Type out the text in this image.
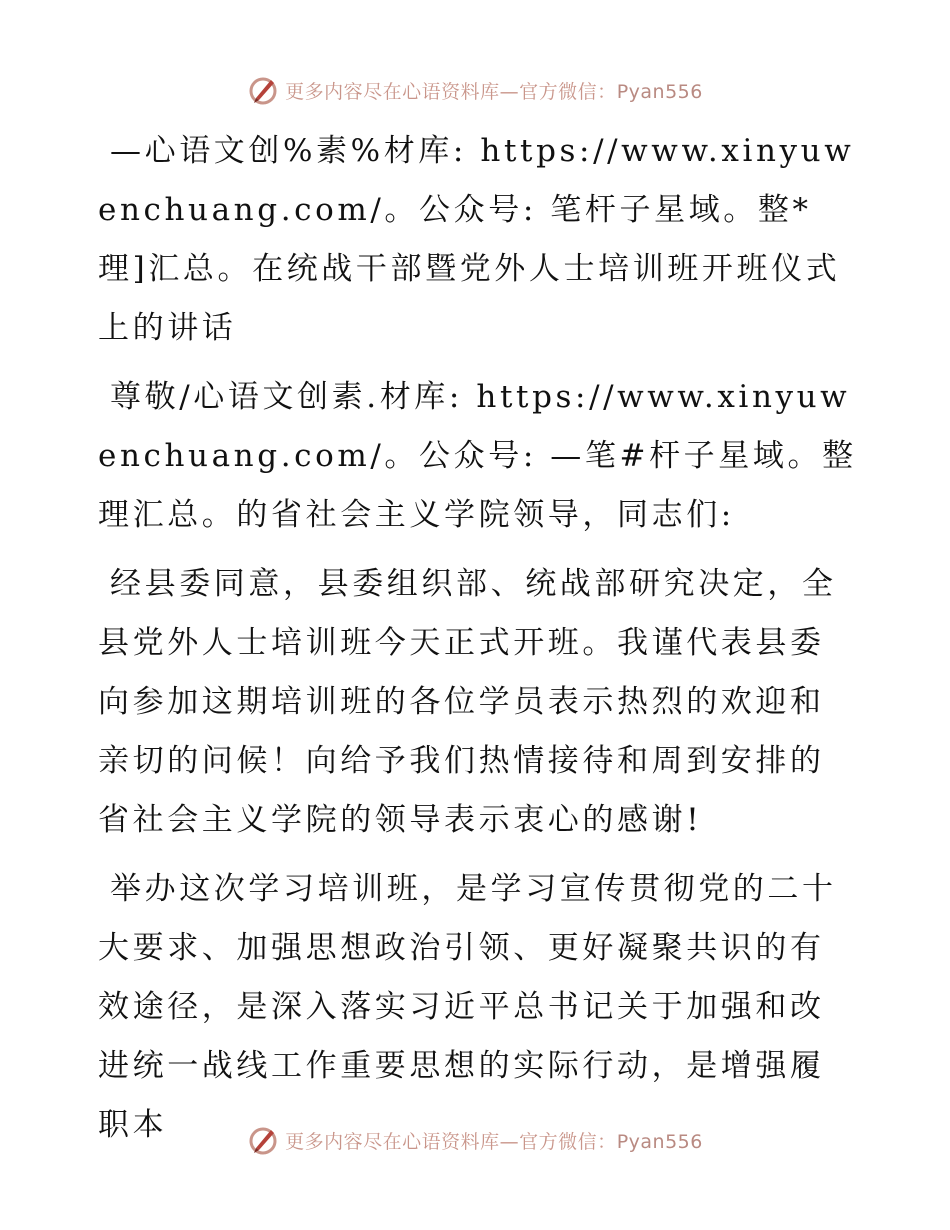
更多内容尽在心语资料库—官方微信：Pyan556

—心语文创%素%材库: https://www.xinyuwenchuang.com/。公众号: 笔杆子星域。整*理]汇总。在统战干部暨党外人士培训班开班仪式上的讲话

尊敬/心语文创素.材库: https://www.xinyuwenchuang.com/。公众号: —笔#杆子星域。整理汇总。的省社会主义学院领导，同志们:

经县委同意，县委组织部、统战部研究决定，全县党外人士培训班今天正式开班。我谨代表县委向参加这期培训班的各位学员表示热烈的欢迎和亲切的问候！向给予我们热情接待和周到安排的省社会主义学院的领导表示衷心的感谢!

举办这次学习培训班，是学习宣传贯彻党的二十大要求、加强思想政治引领、更好凝聚共识的有效途径，是深入落实习近平总书记关于加强和改进统一战线工作重要思想的实际行动，是增强履职本	更多内容尽在心语资料库—官方微信：Pyan556
